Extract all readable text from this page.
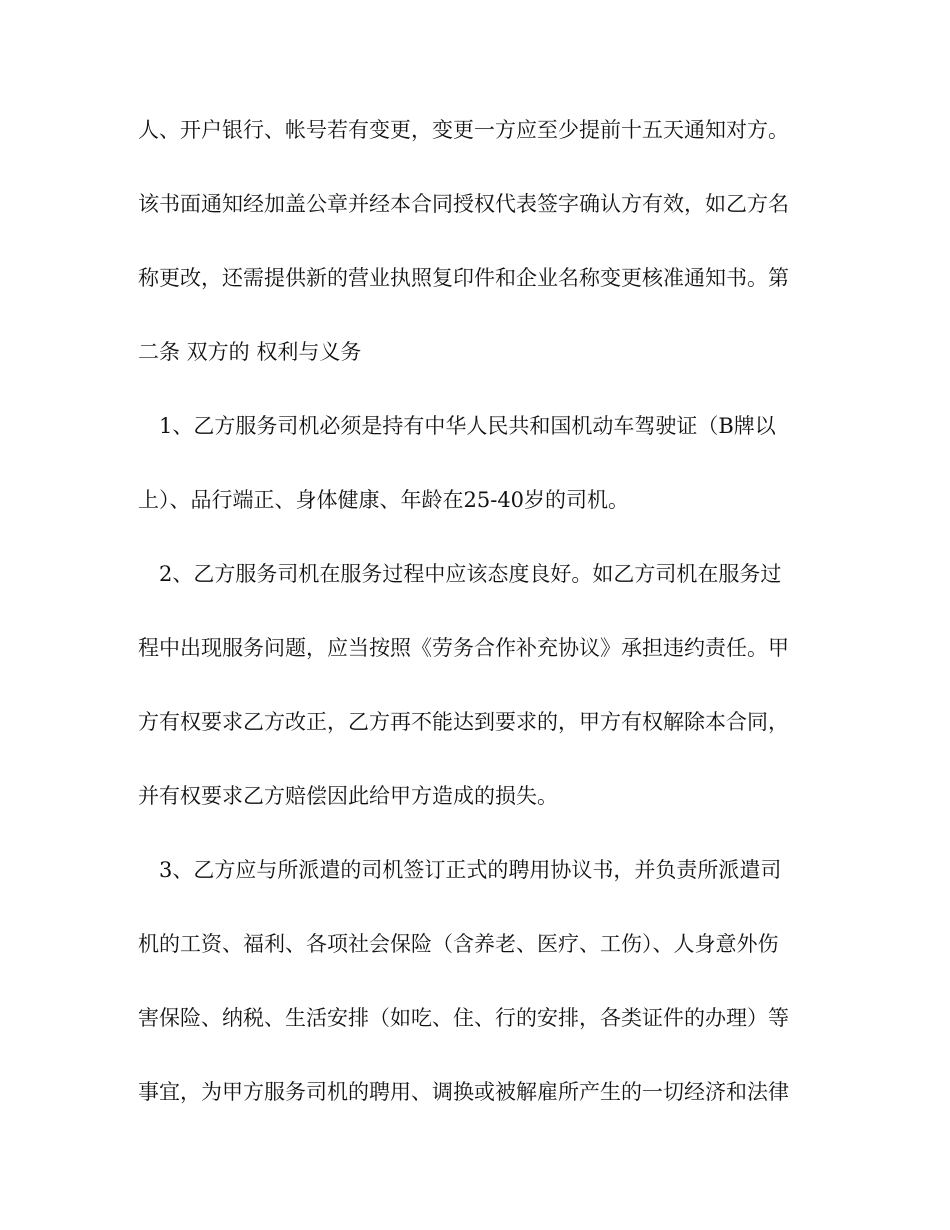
人、开户银行、帐号若有变更，变更一方应至少提前十五天通知对方。
该书面通知经加盖公章并经本合同授权代表签字确认方有效，如乙方名
称更改，还需提供新的营业执照复印件和企业名称变更核准通知书。第
二条 双方的 权利与义务
1、乙方服务司机必须是持有中华人民共和国机动车驾驶证（B牌以
上）、品行端正、身体健康、年龄在25-40岁的司机。
2、乙方服务司机在服务过程中应该态度良好。如乙方司机在服务过
程中出现服务问题，应当按照《劳务合作补充协议》承担违约责任。甲
方有权要求乙方改正，乙方再不能达到要求的，甲方有权解除本合同，
并有权要求乙方赔偿因此给甲方造成的损失。
3、乙方应与所派遣的司机签订正式的聘用协议书，并负责所派遣司
机的工资、福利、各项社会保险（含养老、医疗、工伤）、人身意外伤
害保险、纳税、生活安排（如吃、住、行的安排，各类证件的办理）等
事宜，为甲方服务司机的聘用、调换或被解雇所产生的一切经济和法律
